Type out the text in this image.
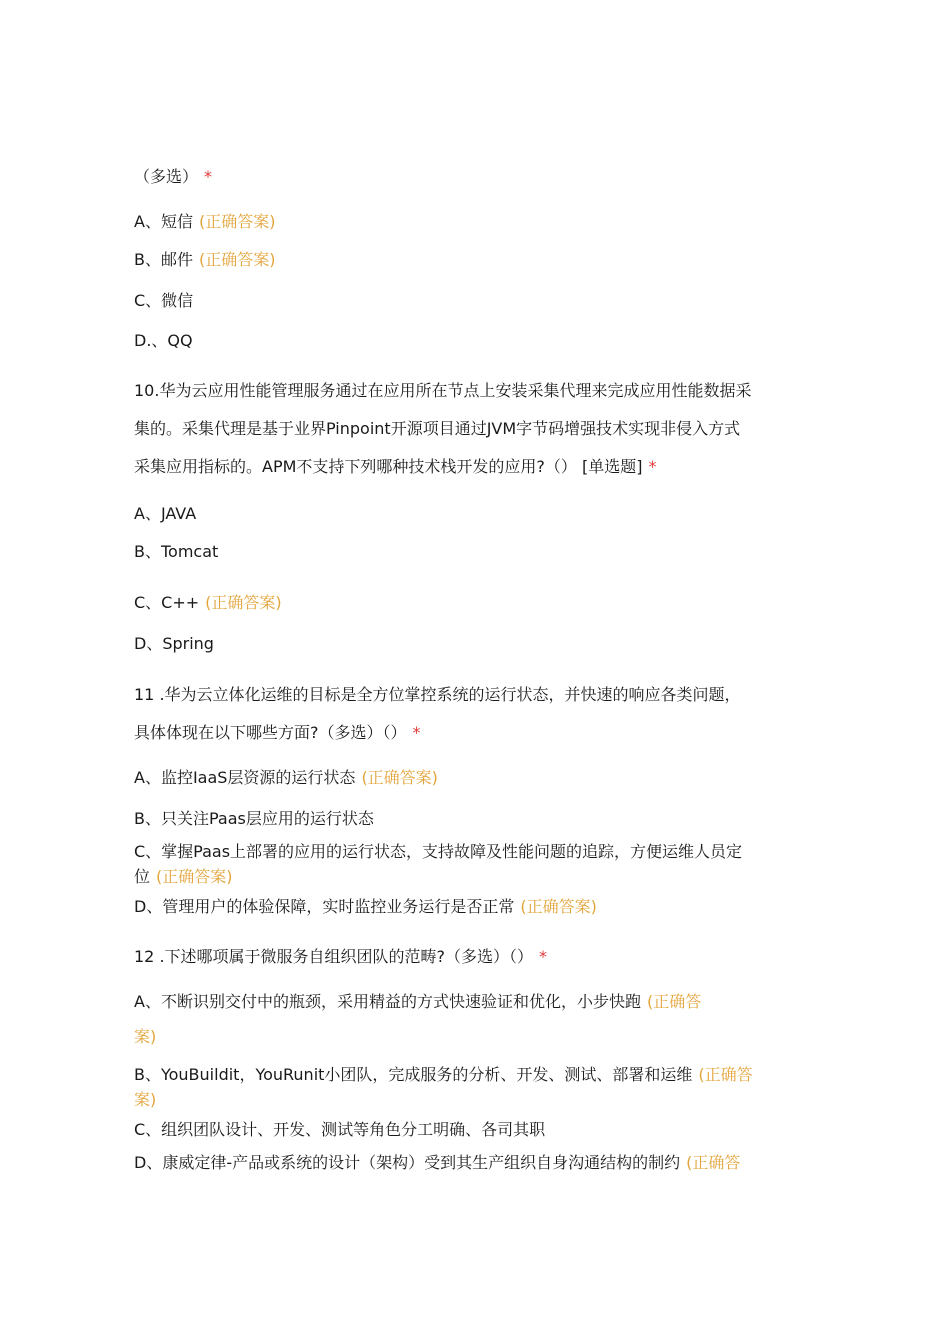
（多选） *
A、短信 (正确答案)
B、邮件 (正确答案)
C、微信
D.、QQ
10.华为云应用性能管理服务通过在应用所在节点上安装采集代理来完成应用性能数据采
集的。采集代理是基于业界Pinpoint开源项目通过JVM字节码增强技术实现非侵入方式
采集应用指标的。APM不支持下列哪种技术栈开发的应用?（） [单选题] *
A、JAVA
B、Tomcat
C、C++ (正确答案)
D、Spring
11 .华为云立体化运维的目标是全方位掌控系统的运行状态，并快速的响应各类问题，
具体体现在以下哪些方面?（多选）（） *
A、监控IaaS层资源的运行状态 (正确答案)
B、只关注Paas层应用的运行状态
C、掌握Paas上部署的应用的运行状态，支持故障及性能问题的追踪，方便运维人员定
位 (正确答案)
D、管理用户的体验保障，实时监控业务运行是否正常 (正确答案)
12 .下述哪项属于微服务自组织团队的范畴?（多选）（） *
A、不断识别交付中的瓶颈，采用精益的方式快速验证和优化，小步快跑 (正确答
案)
B、YouBuildit，YouRunit小团队，完成服务的分析、开发、测试、部署和运维 (正确答
案)
C、组织团队设计、开发、测试等角色分工明确、各司其职
D、康威定律-产品或系统的设计（架构）受到其生产组织自身沟通结构的制约 (正确答
